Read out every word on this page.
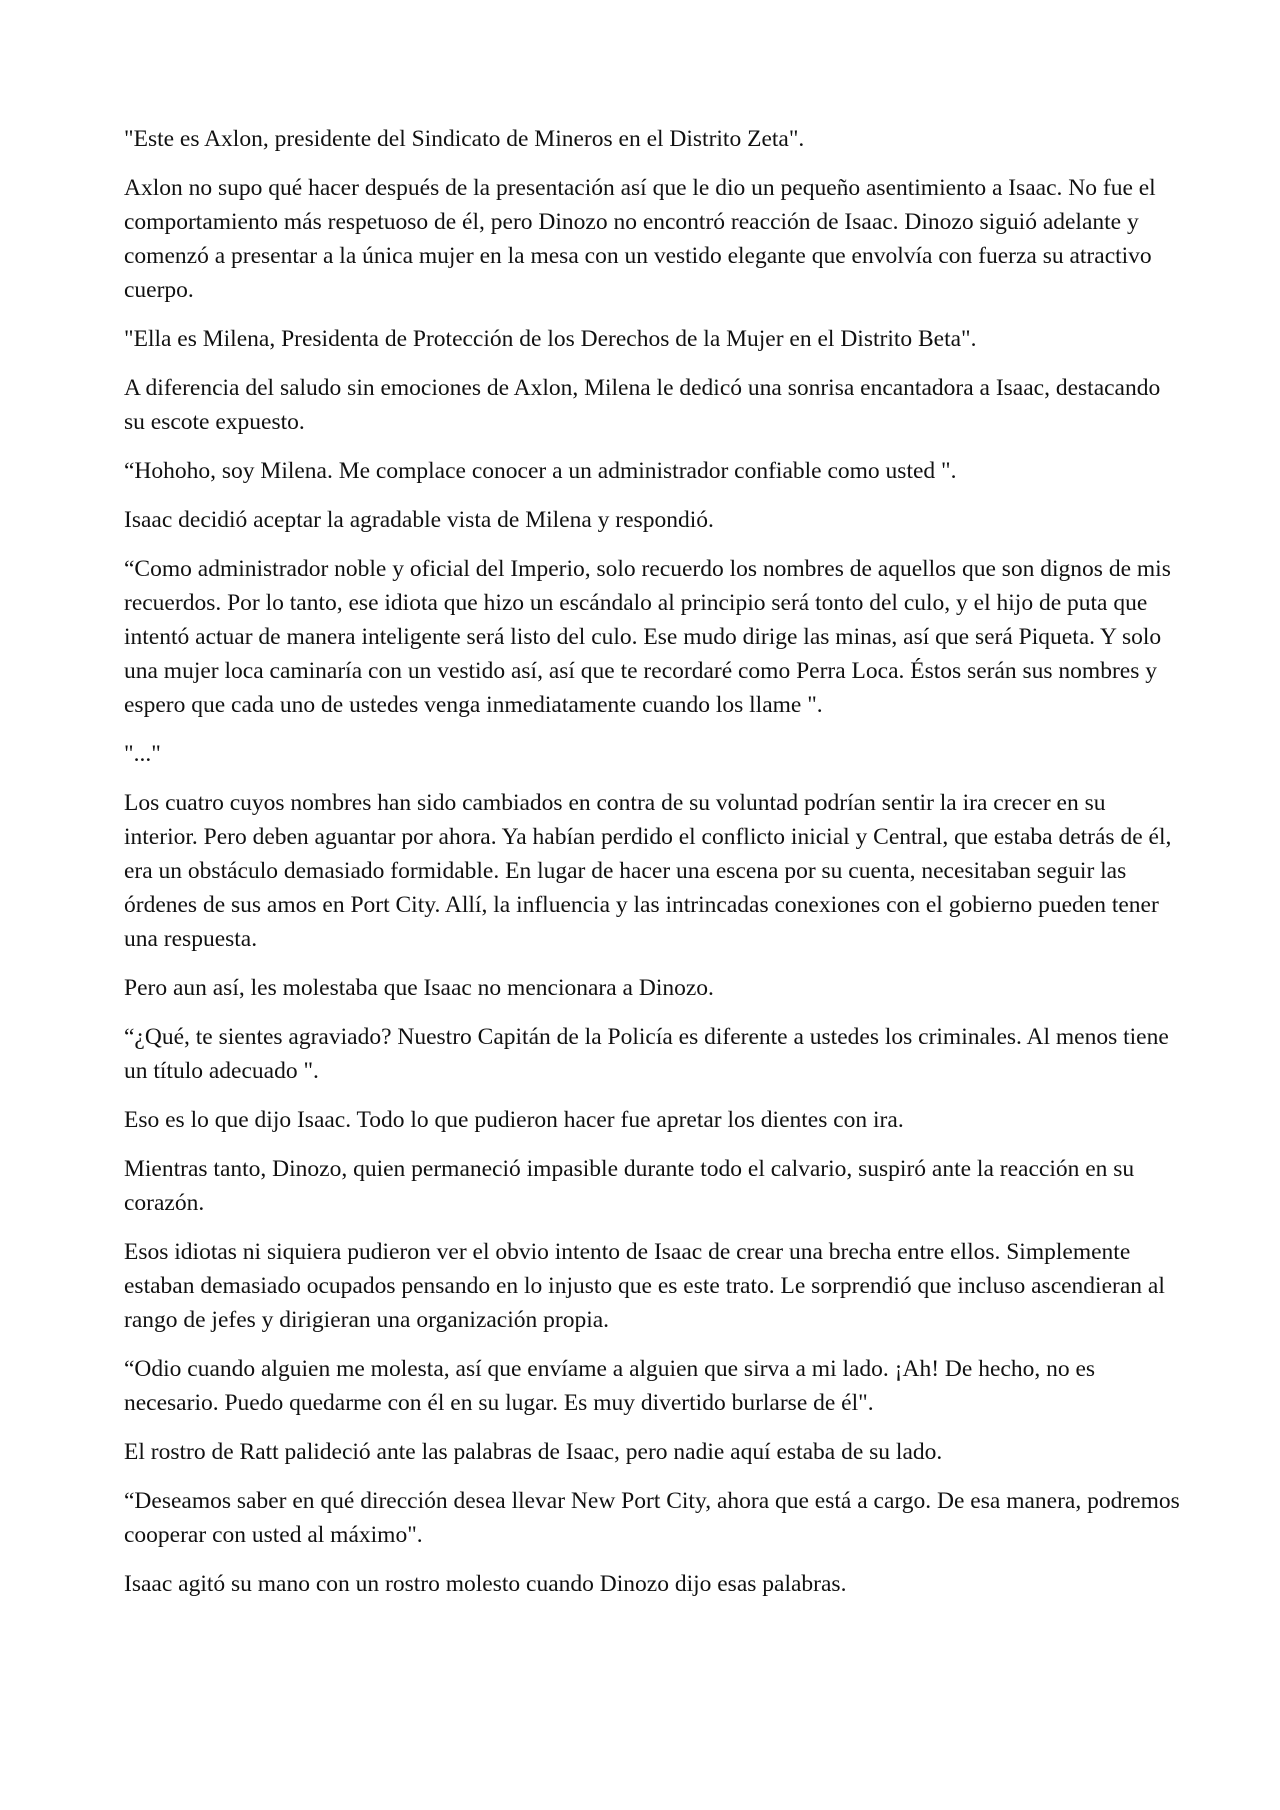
"Este es Axlon, presidente del Sindicato de Mineros en el Distrito Zeta".

Axlon no supo qué hacer después de la presentación así que le dio un pequeño asentimiento a Isaac. No fue el comportamiento más respetuoso de él, pero Dinozo no encontró reacción de Isaac. Dinozo siguió adelante y comenzó a presentar a la única mujer en la mesa con un vestido elegante que envolvía con fuerza su atractivo cuerpo.

"Ella es Milena, Presidenta de Protección de los Derechos de la Mujer en el Distrito Beta".

A diferencia del saludo sin emociones de Axlon, Milena le dedicó una sonrisa encantadora a Isaac, destacando su escote expuesto.

“Hohoho, soy Milena. Me complace conocer a un administrador confiable como usted ".

Isaac decidió aceptar la agradable vista de Milena y respondió.

“Como administrador noble y oficial del Imperio, solo recuerdo los nombres de aquellos que son dignos de mis recuerdos. Por lo tanto, ese idiota que hizo un escándalo al principio será tonto del culo, y el hijo de puta que intentó actuar de manera inteligente será listo del culo. Ese mudo dirige las minas, así que será Piqueta. Y solo una mujer loca caminaría con un vestido así, así que te recordaré como Perra Loca. Éstos serán sus nombres y espero que cada uno de ustedes venga inmediatamente cuando los llame ".

"..."

Los cuatro cuyos nombres han sido cambiados en contra de su voluntad podrían sentir la ira crecer en su interior. Pero deben aguantar por ahora. Ya habían perdido el conflicto inicial y Central, que estaba detrás de él, era un obstáculo demasiado formidable. En lugar de hacer una escena por su cuenta, necesitaban seguir las órdenes de sus amos en Port City. Allí, la influencia y las intrincadas conexiones con el gobierno pueden tener una respuesta.

Pero aun así, les molestaba que Isaac no mencionara a Dinozo.

“¿Qué, te sientes agraviado? Nuestro Capitán de la Policía es diferente a ustedes los criminales. Al menos tiene un título adecuado ".

Eso es lo que dijo Isaac. Todo lo que pudieron hacer fue apretar los dientes con ira.

Mientras tanto, Dinozo, quien permaneció impasible durante todo el calvario, suspiró ante la reacción en su corazón.

Esos idiotas ni siquiera pudieron ver el obvio intento de Isaac de crear una brecha entre ellos. Simplemente estaban demasiado ocupados pensando en lo injusto que es este trato. Le sorprendió que incluso ascendieran al rango de jefes y dirigieran una organización propia.

“Odio cuando alguien me molesta, así que envíame a alguien que sirva a mi lado. ¡Ah! De hecho, no es necesario. Puedo quedarme con él en su lugar. Es muy divertido burlarse de él".

El rostro de Ratt palideció ante las palabras de Isaac, pero nadie aquí estaba de su lado.

“Deseamos saber en qué dirección desea llevar New Port City, ahora que está a cargo. De esa manera, podremos cooperar con usted al máximo".

Isaac agitó su mano con un rostro molesto cuando Dinozo dijo esas palabras.
